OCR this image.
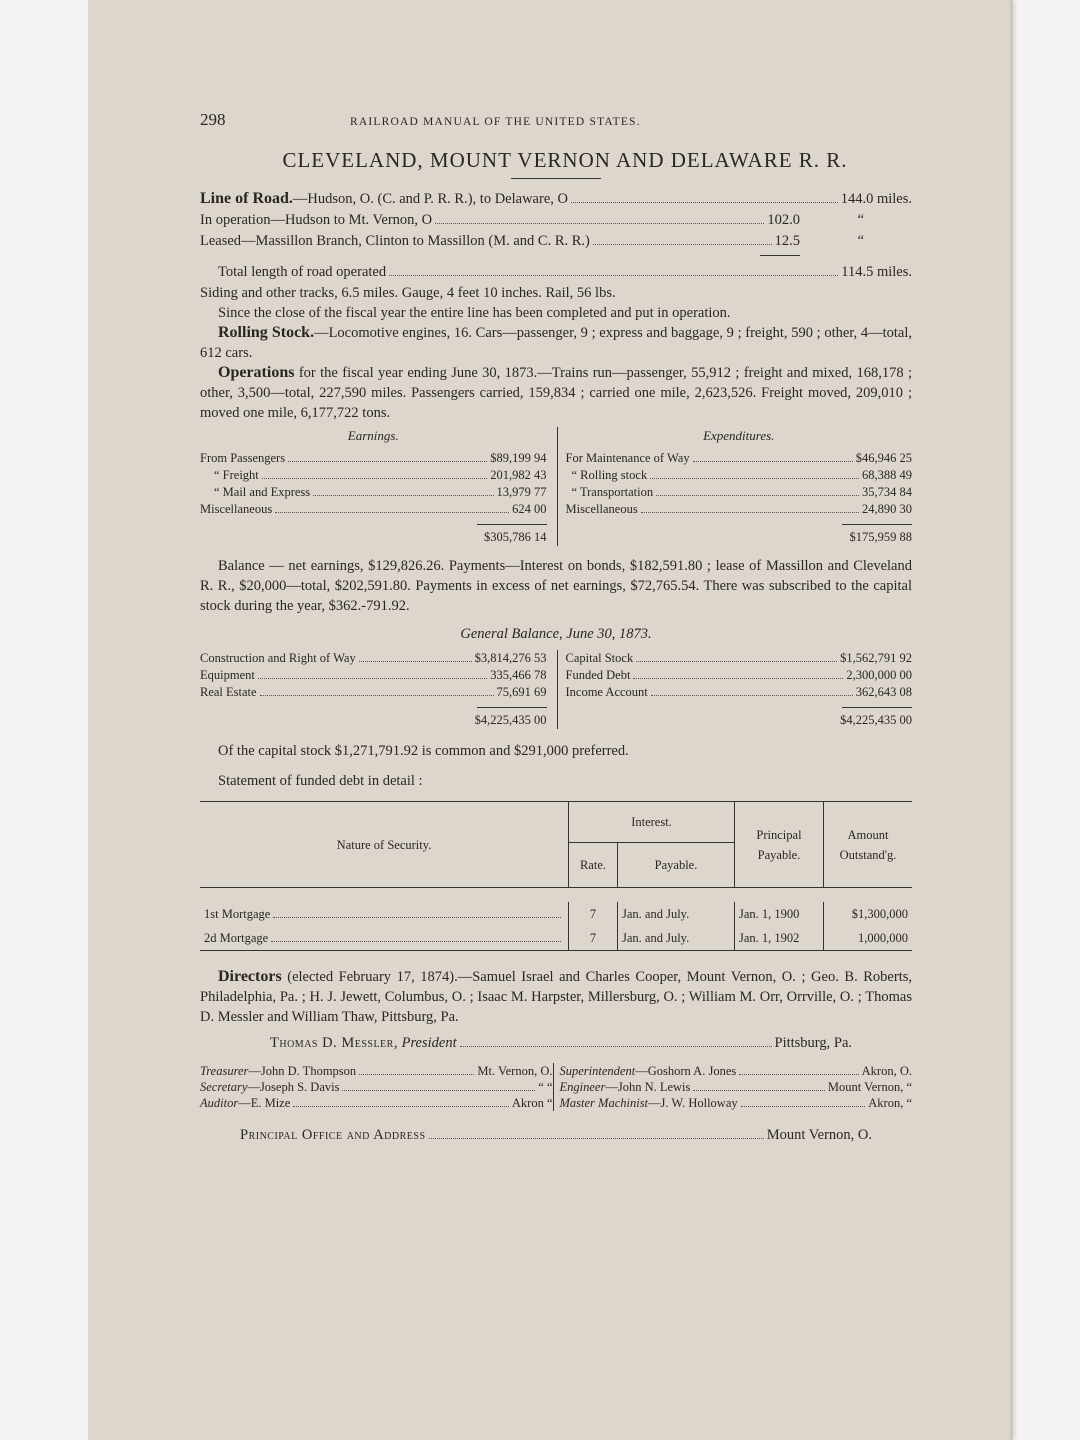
298	RAILROAD MANUAL OF THE UNITED STATES.
CLEVELAND, MOUNT VERNON AND DELAWARE R. R.
Line of Road.—Hudson, O. (C. and P. R. R.), to Delaware, O	144.0 miles.
In operation—Hudson to Mt. Vernon, O	102.0	“
Leased—Massillon Branch, Clinton to Massillon (M. and C. R. R.)	12.5	“
Total length of road operated	114.5 miles.

Siding and other tracks, 6.5 miles. Gauge, 4 feet 10 inches. Rail, 56 lbs.

Since the close of the fiscal year the entire line has been completed and put in operation.

Rolling Stock.—Locomotive engines, 16. Cars—passenger, 9 ; express and baggage, 9 ; freight, 590 ; other, 4—total, 612 cars.

Operations for the fiscal year ending June 30, 1873.—Trains run—passenger, 55,912 ; freight and mixed, 168,178 ; other, 3,500—total, 227,590 miles. Passengers carried, 159,834 ; carried one mile, 2,623,526. Freight moved, 209,010 ; moved one mile, 6,177,722 tons.

Earnings.
From Passengers	$89,199 94
“ Freight	201,982 43
“ Mail and Express	13,979 77
Miscellaneous	624 00
$305,786 14
Expenditures.
For Maintenance of Way	$46,946 25
“ Rolling stock	68,388 49
“ Transportation	35,734 84
Miscellaneous	24,890 30
$175,959 88

Balance — net earnings, $129,826.26. Payments—Interest on bonds, $182,591.80 ; lease of Massillon and Cleveland R. R., $20,000—total, $202,591.80. Payments in excess of net earnings, $72,765.54. There was subscribed to the capital stock during the year, $362.-791.92.

General Balance, June 30, 1873.
Construction and Right of Way	$3,814,276 53
Equipment	335,466 78
Real Estate	75,691 69
$4,225,435 00
Capital Stock	$1,562,791 92
Funded Debt	2,300,000 00
Income Account	362,643 08
$4,225,435 00

Of the capital stock $1,271,791.92 is common and $291,000 preferred.

Statement of funded debt in detail :

Nature of Security.	Interest.		Principal Payable.	Amount Outstand'g.
	Rate.	Payable.		

1st Mortgage	7	Jan. and July.	Jan. 1, 1900	$1,300,000

2d Mortgage	7	Jan. and July.	Jan. 1, 1902	1,000,000

Directors (elected February 17, 1874).—Samuel Israel and Charles Cooper, Mount Vernon, O. ; Geo. B. Roberts, Philadelphia, Pa. ; H. J. Jewett, Columbus, O. ; Isaac M. Harpster, Millersburg, O. ; William M. Orr, Orrville, O. ; Thomas D. Messler and William Thaw, Pittsburg, Pa.

Thomas D. Messler, President	Pittsburg, Pa.
Treasurer—John D. Thompson	Mt. Vernon, O.
Secretary—Joseph S. Davis	“ “
Auditor—E. Mize	Akron “
Superintendent—Goshorn A. Jones	Akron, O.
Engineer—John N. Lewis	Mount Vernon, “
Master Machinist—J. W. Holloway	Akron, “
Principal Office and Address	Mount Vernon, O.
